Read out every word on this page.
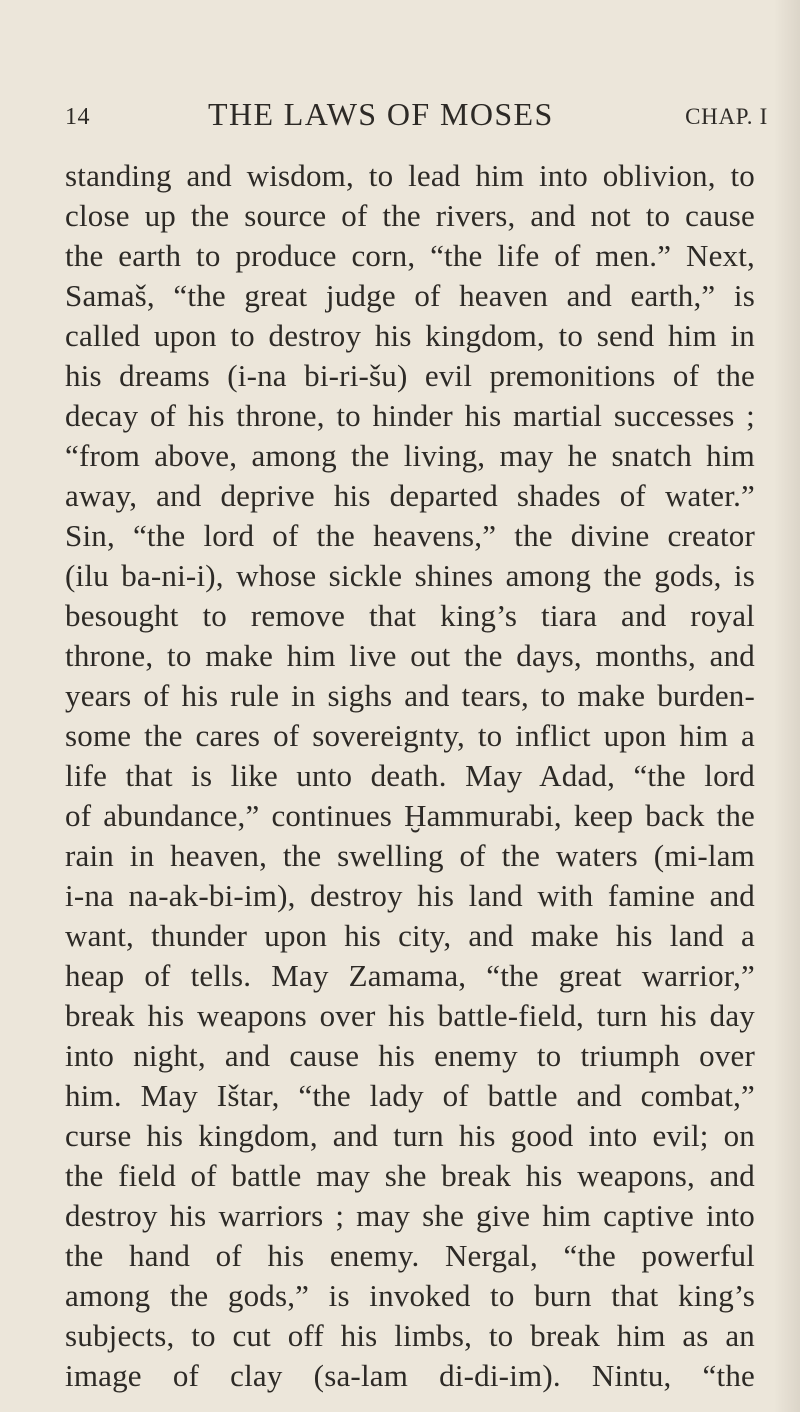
14	THE LAWS OF MOSES	CHAP. I
standing and wisdom, to lead him into oblivion, to
close up the source of the rivers, and not to cause
the earth to produce corn, “the life of men.” Next,
Samaš, “the great judge of heaven and earth,” is
called upon to destroy his kingdom, to send him in
his dreams (i-na bi-ri-šu) evil premonitions of the
decay of his throne, to hinder his martial successes ;
“from above, among the living, may he snatch him
away, and deprive his departed shades of water.”
Sin, “the lord of the heavens,” the divine creator
(ilu ba-ni-i), whose sickle shines among the gods, is
besought to remove that king’s tiara and royal
throne, to make him live out the days, months, and
years of his rule in sighs and tears, to make burden-
some the cares of sovereignty, to inflict upon him a
life that is like unto death. May Adad, “the lord
of abundance,” continues Ḫammurabi, keep back the
rain in heaven, the swelling of the waters (mi-lam
i-na na-ak-bi-im), destroy his land with famine and
want, thunder upon his city, and make his land a
heap of tells. May Zamama, “the great warrior,”
break his weapons over his battle-field, turn his day
into night, and cause his enemy to triumph over
him. May Ištar, “the lady of battle and combat,”
curse his kingdom, and turn his good into evil; on
the field of battle may she break his weapons, and
destroy his warriors ; may she give him captive into
the hand of his enemy. Nergal, “the powerful
among the gods,” is invoked to burn that king’s
subjects, to cut off his limbs, to break him as an
image of clay (sa-lam di-di-im). Nintu, “the
